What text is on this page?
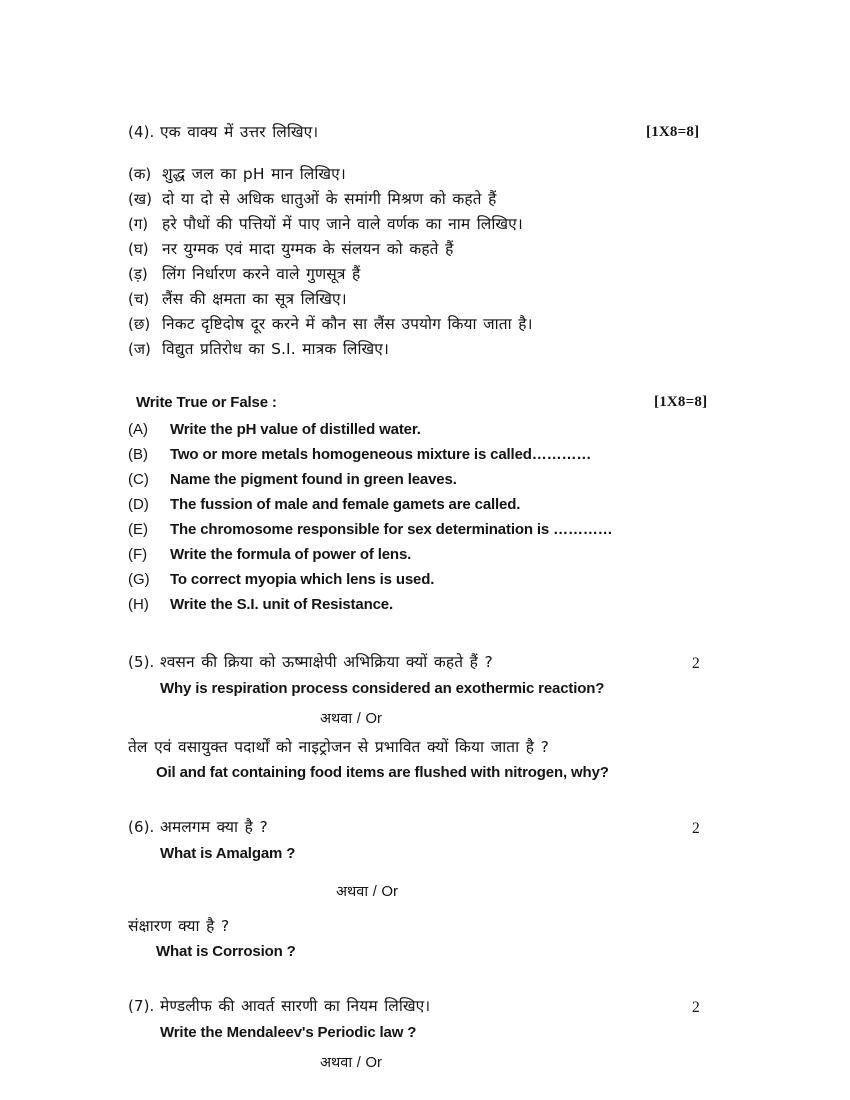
(4). एक वाक्य में उत्तर लिखिए।	[1X8=8]
(क) शुद्ध जल का pH मान लिखिए।
(ख) दो या दो से अधिक धातुओं के समांगी मिश्रण को कहते हैं
(ग) हरे पौधों की पत्तियों में पाए जाने वाले वर्णक का नाम लिखिए।
(घ) नर युग्मक एवं मादा युग्मक के संलयन को कहते हैं
(ड़) लिंग निर्धारण करने वाले गुणसूत्र हैं
(च) लैंस की क्षमता का सूत्र लिखिए।
(छ) निकट दृष्टिदोष दूर करने में कौन सा लैंस उपयोग किया जाता है।
(ज) विद्युत प्रतिरोध का S.I. मात्रक लिखिए।
Write True or False :	[1X8=8]
(A)	Write the pH value of distilled water.
(B)	Two or more metals homogeneous mixture is called…………
(C)	Name the pigment found in green leaves.
(D)	The fussion of male and female gamets are called.
(E)	The chromosome responsible for sex determination is …………
(F)	Write the formula of power of lens.
(G)	To correct myopia which lens is used.
(H)	Write the S.I. unit of Resistance.
(5). श्वसन की क्रिया को ऊष्माक्षेपी अभिक्रिया क्यों कहते हैं ?	2
Why is respiration process considered an exothermic reaction?
अथवा / Or
तेल एवं वसायुक्त पदार्थों को नाइट्रोजन से प्रभावित क्यों किया जाता है ?
Oil and fat containing food items are flushed with nitrogen, why?
(6). अमलगम क्या है ?	2
What is Amalgam ?
अथवा / Or
संक्षारण क्या है ?
What is Corrosion ?
(7). मेण्डलीफ की आवर्त सारणी का नियम लिखिए।	2
Write the Mendaleev's Periodic law ?
अथवा / Or
